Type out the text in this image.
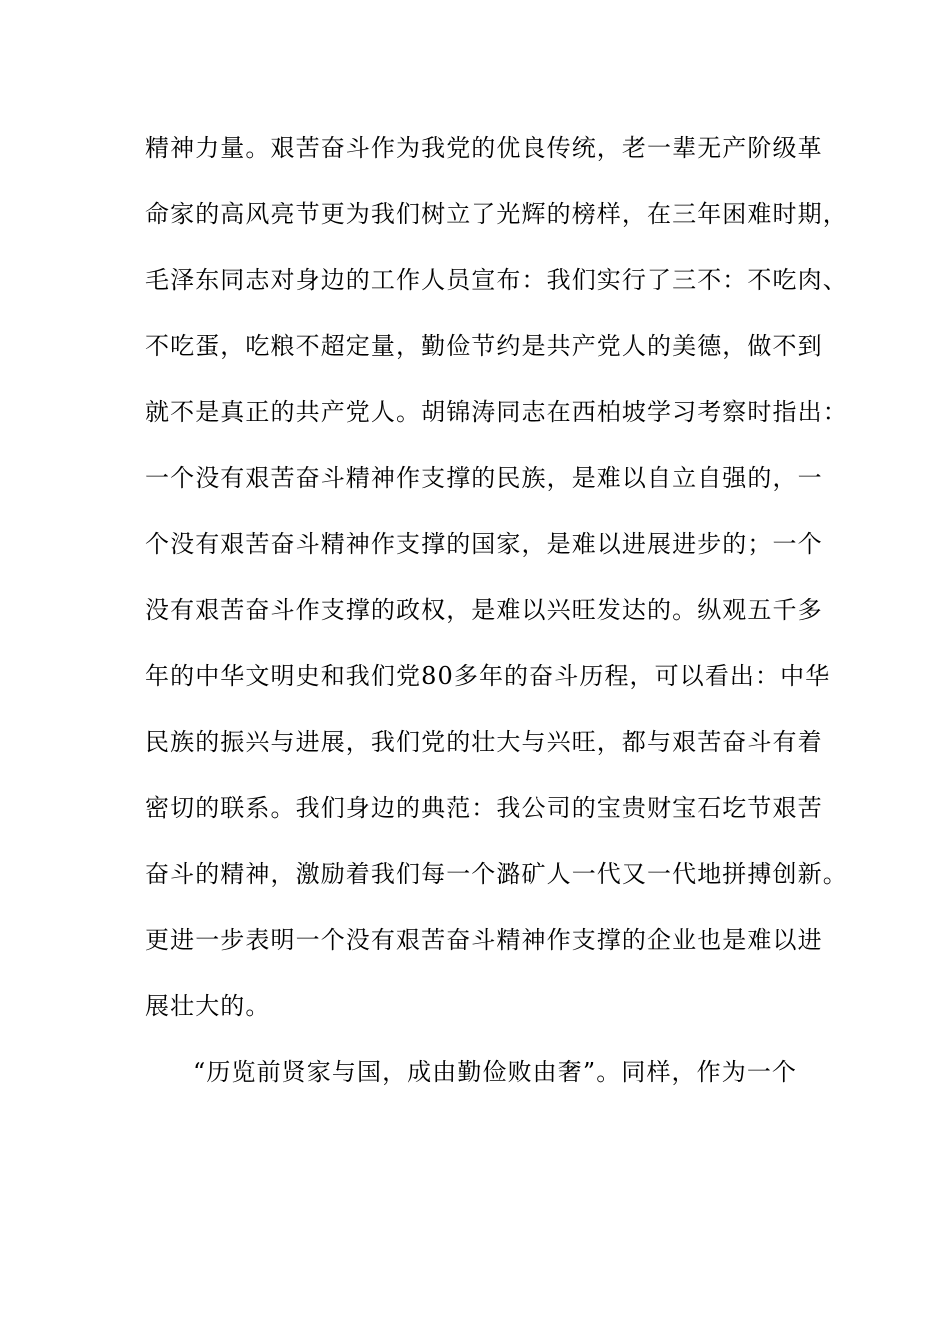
精神力量。艰苦奋斗作为我党的优良传统，老一辈无产阶级革
命家的高风亮节更为我们树立了光辉的榜样，在三年困难时期，
毛泽东同志对身边的工作人员宣布：我们实行了三不：不吃肉、
不吃蛋，吃粮不超定量，勤俭节约是共产党人的美德，做不到
就不是真正的共产党人。胡锦涛同志在西柏坡学习考察时指出：
一个没有艰苦奋斗精神作支撑的民族，是难以自立自强的，一
个没有艰苦奋斗精神作支撑的国家，是难以进展进步的；一个
没有艰苦奋斗作支撑的政权，是难以兴旺发达的。纵观五千多
年的中华文明史和我们党80多年的奋斗历程，可以看出：中华
民族的振兴与进展，我们党的壮大与兴旺，都与艰苦奋斗有着
密切的联系。我们身边的典范：我公司的宝贵财宝石圪节艰苦
奋斗的精神，激励着我们每一个潞矿人一代又一代地拼搏创新。
更进一步表明一个没有艰苦奋斗精神作支撑的企业也是难以进
展壮大的。
“历览前贤家与国，成由勤俭败由奢”。同样，作为一个
